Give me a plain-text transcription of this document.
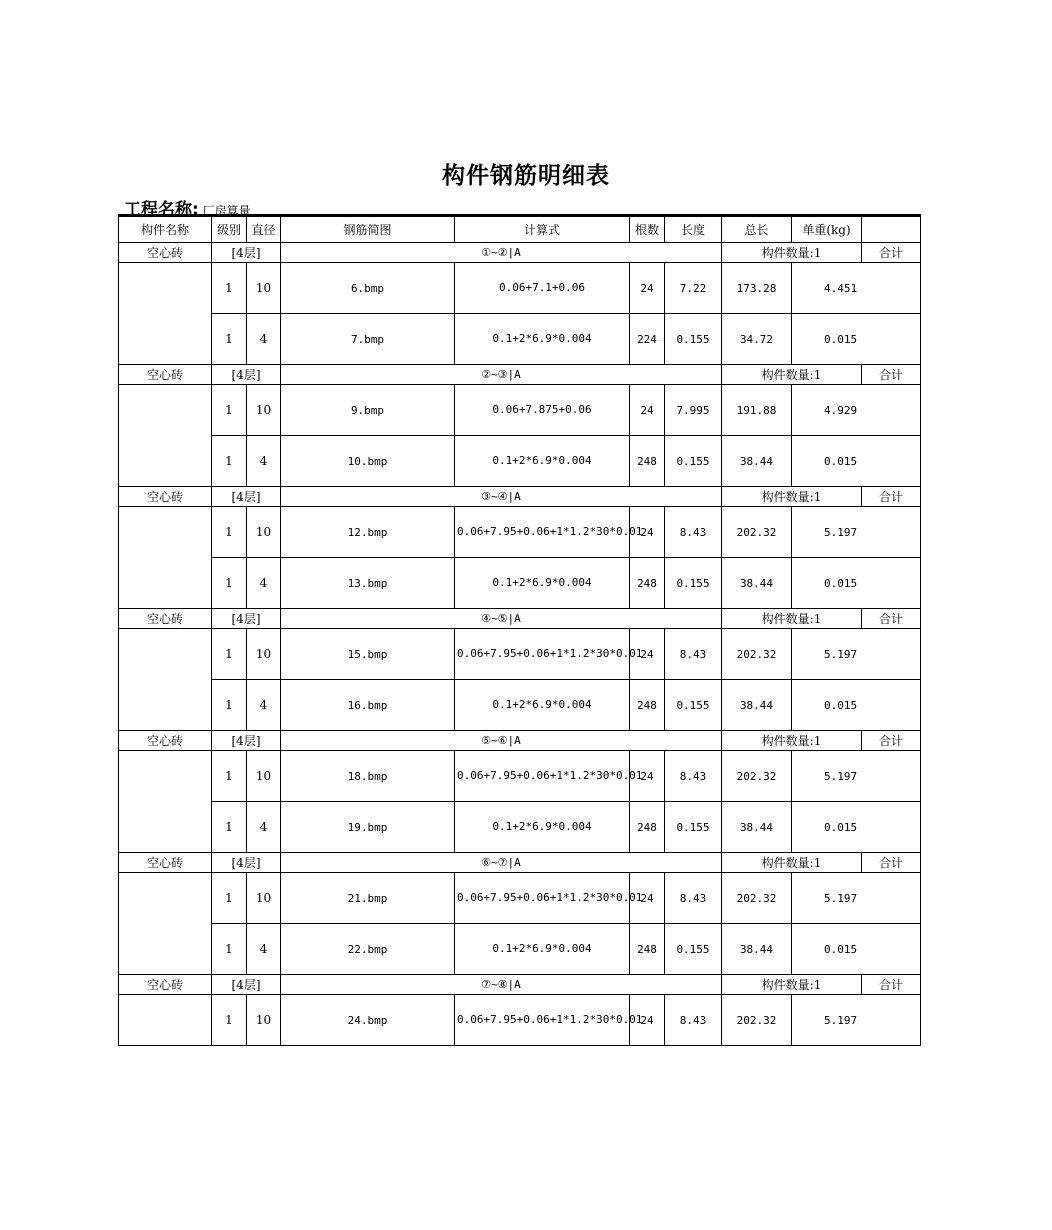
构件钢筋明细表
工程名称: 厂房算量
构件名称	级别	直径	钢筋简图	计算式	根数	长度	总长	单重(kg)	
空心砖	[4层]		①~②|A				构件数量:1		合计
	1	10	6.bmp	0.06+7.1+0.06	24	7.22	173.28	4.451	
	1	4	7.bmp	0.1+2*6.9*0.004	224	0.155	34.72	0.015	
空心砖	[4层]		②~③|A				构件数量:1		合计
	1	10	9.bmp	0.06+7.875+0.06	24	7.995	191.88	4.929	
	1	4	10.bmp	0.1+2*6.9*0.004	248	0.155	38.44	0.015	
空心砖	[4层]		③~④|A				构件数量:1		合计
	1	10	12.bmp	0.06+7.95+0.06+1*1.2*30*0.01	24	8.43	202.32	5.197	
	1	4	13.bmp	0.1+2*6.9*0.004	248	0.155	38.44	0.015	
空心砖	[4层]		④~⑤|A				构件数量:1		合计
	1	10	15.bmp	0.06+7.95+0.06+1*1.2*30*0.01	24	8.43	202.32	5.197	
	1	4	16.bmp	0.1+2*6.9*0.004	248	0.155	38.44	0.015	
空心砖	[4层]		⑤~⑥|A				构件数量:1		合计
	1	10	18.bmp	0.06+7.95+0.06+1*1.2*30*0.01	24	8.43	202.32	5.197	
	1	4	19.bmp	0.1+2*6.9*0.004	248	0.155	38.44	0.015	
空心砖	[4层]		⑥~⑦|A				构件数量:1		合计
	1	10	21.bmp	0.06+7.95+0.06+1*1.2*30*0.01	24	8.43	202.32	5.197	
	1	4	22.bmp	0.1+2*6.9*0.004	248	0.155	38.44	0.015	
空心砖	[4层]		⑦~⑧|A				构件数量:1		合计
	1	10	24.bmp	0.06+7.95+0.06+1*1.2*30*0.01	24	8.43	202.32	5.197	
